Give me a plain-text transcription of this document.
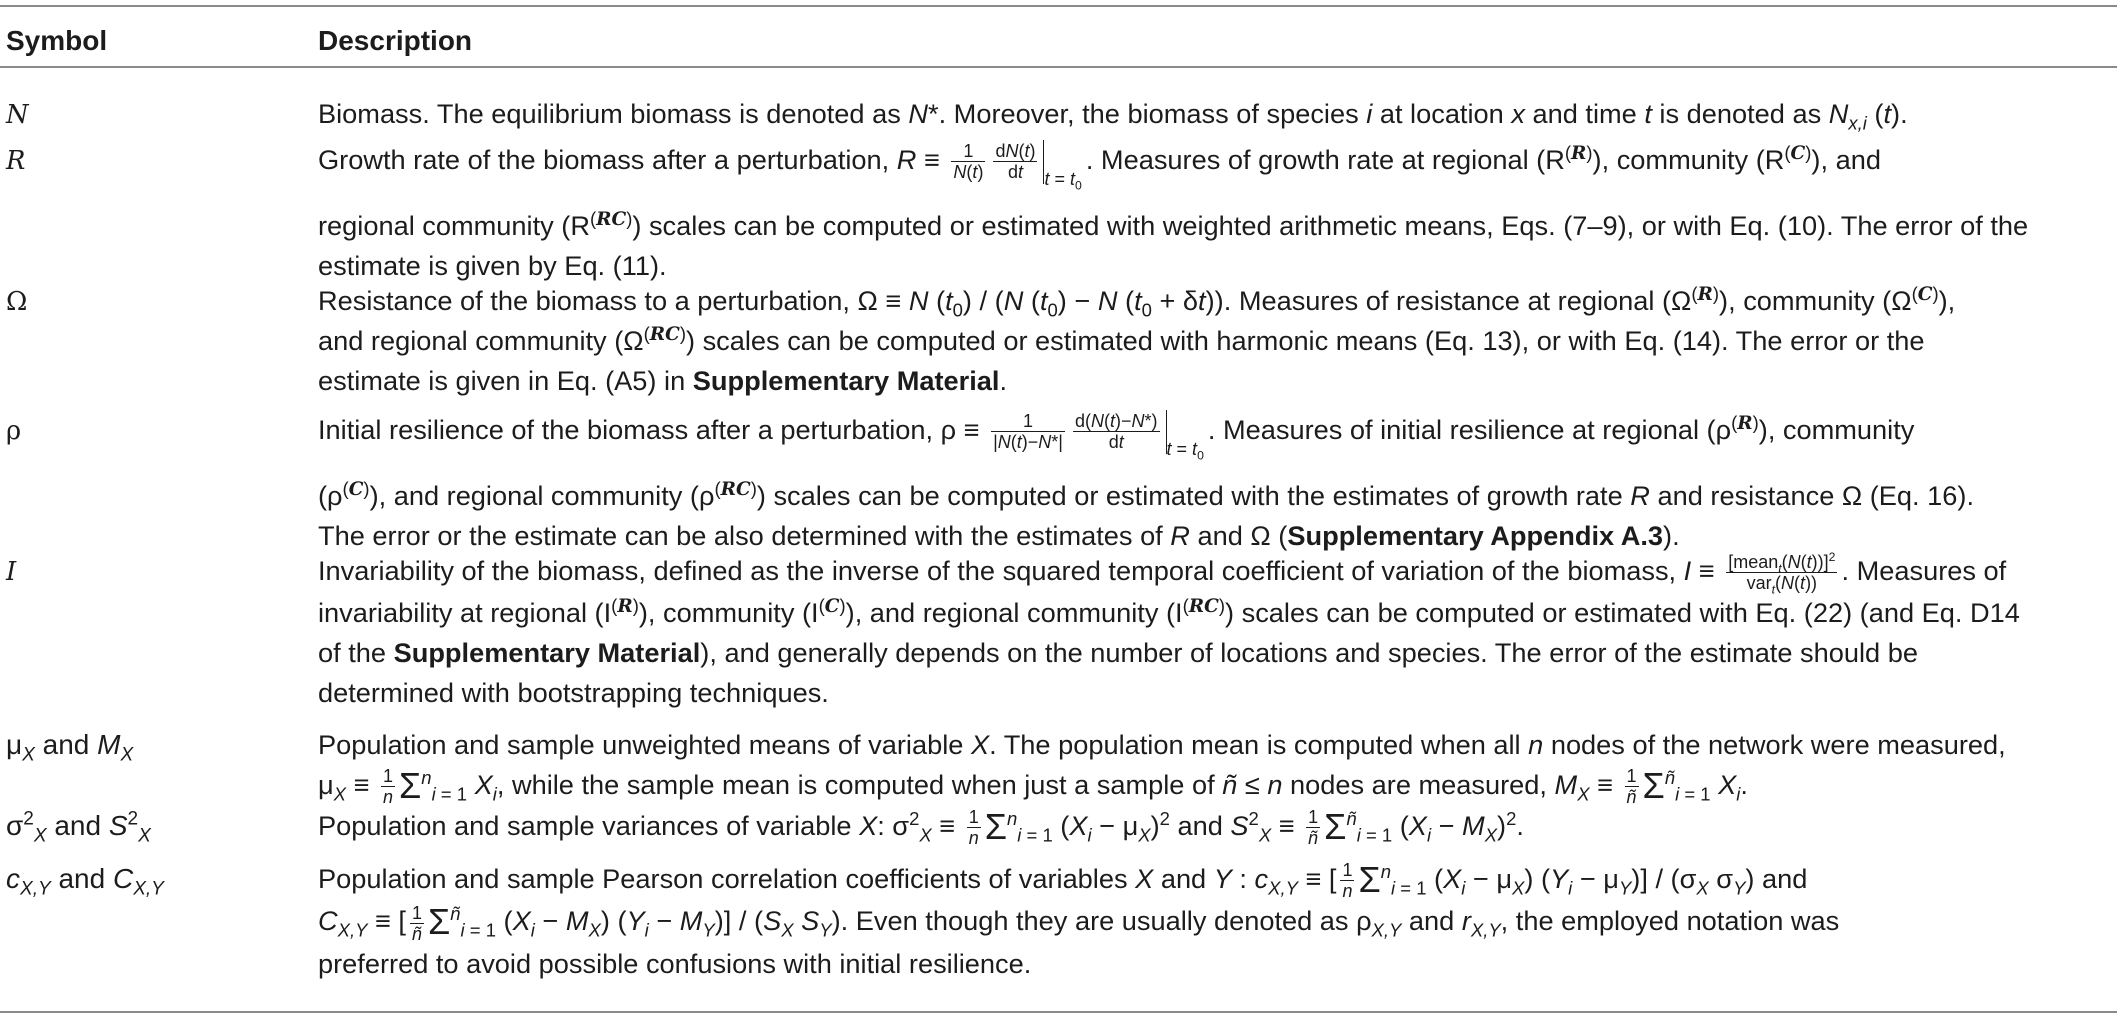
Symbol	Description
N	Biomass. The equilibrium biomass is denoted as N*. Moreover, the biomass of species i at location x and time t is denoted as $N_{x,i}$ (t).

R	Growth rate of the biomass after a perturbation, $R \equiv \frac{1}{N(t)} \frac{dN(t)}{dt} _{t = t_0}$. Measures of growth rate at regional $(R^{(R)})$, community $(R^{(C)})$, and

regional community $(R^{(RC)})$ scales can be computed or estimated with weighted arithmetic means, Eqs. (7–9), or with Eq. (10). The error of the

estimate is given by Eq. (11).

Ω	Resistance of the biomass to a perturbation, Ω ≡ N $(t_0) / (N$ $(t_0) - N$ $(t_0 + \delta t)$). Measures of resistance at regional $(\Omega^{(R)})$, community $(\Omega^{(C)})$,

and regional community $(\Omega^{(RC)})$ scales can be computed or estimated with harmonic means (Eq. 13), or with Eq. (14). The error or the

estimate is given in Eq. (A5) in Supplementary Material.

ρ	Initial resilience of the biomass after a perturbation, $\rho \equiv \frac{1}{|N(t)-N*|} \frac{d(N(t)-N*)}{dt} _{t = t_0}$. Measures of initial resilience at regional $(\rho^{(R)})$, community

$(\rho^{(C)})$, and regional community $(\rho^{(RC)})$ scales can be computed or estimated with the estimates of growth rate R and resistance Ω (Eq. 16).

The error or the estimate can be also determined with the estimates of R and Ω (Supplementary Appendix A.3).

I	Invariability of the biomass, defined as the inverse of the squared temporal coefficient of variation of the biomass, $I \equiv \frac{[mean_t(N(t))]^2}{var_t(N(t))}$ . Measures of

invariability at regional $(I^{(R)})$, community $(I^{(C)})$, and regional community $(I^{(RC)})$ scales can be computed or estimated with Eq. (22) (and Eq. D14

of the Supplementary Material), and generally depends on the number of locations and species. The error of the estimate should be

determined with bootstrapping techniques.

$\mu_X$ and $M_X$	Population and sample unweighted means of variable X. The population mean is computed when all n nodes of the network were measured,

$\mu_X \equiv \frac{1}{n} \Sigma^n_{i = 1}$ $X_i$, while the sample mean is computed when just a sample of ñ ≤ n nodes are measured, $M_X \equiv \frac{1}{ñ} \Sigma^ñ_{i = 1}$ $X_i$.

$\sigma^2_X$ and $S^2_X$	Population and sample variances of variable X: $\sigma^2_X \equiv \frac{1}{n} \Sigma^n_{i = 1}$ $(X_i - \mu_X)^2$ and $S^2_X \equiv \frac{1}{ñ} \Sigma^ñ_{i = 1}$ $(X_i - M_X)^2$.

$c_{X,Y}$ and $C_{X,Y}$	Population and sample Pearson correlation coefficients of variables X and Y : $c_{X,Y}$ ≡ [ $\frac{1}{n} \Sigma^n_{i = 1}$ $(X_i - \mu_X) (Y_i - \mu_Y)] / (\sigma_X$ $\sigma_Y$) and

$C_{X,Y}$ ≡ [ $\frac{1}{ñ} \Sigma^ñ_{i = 1}$ $(X_i - M_X) (Y_i - M_Y)] / (S_X$ $S_Y$). Even though they are usually denoted as $\rho_{X,Y}$ and $r_{X,Y}$, the employed notation was

preferred to avoid possible confusions with initial resilience.
